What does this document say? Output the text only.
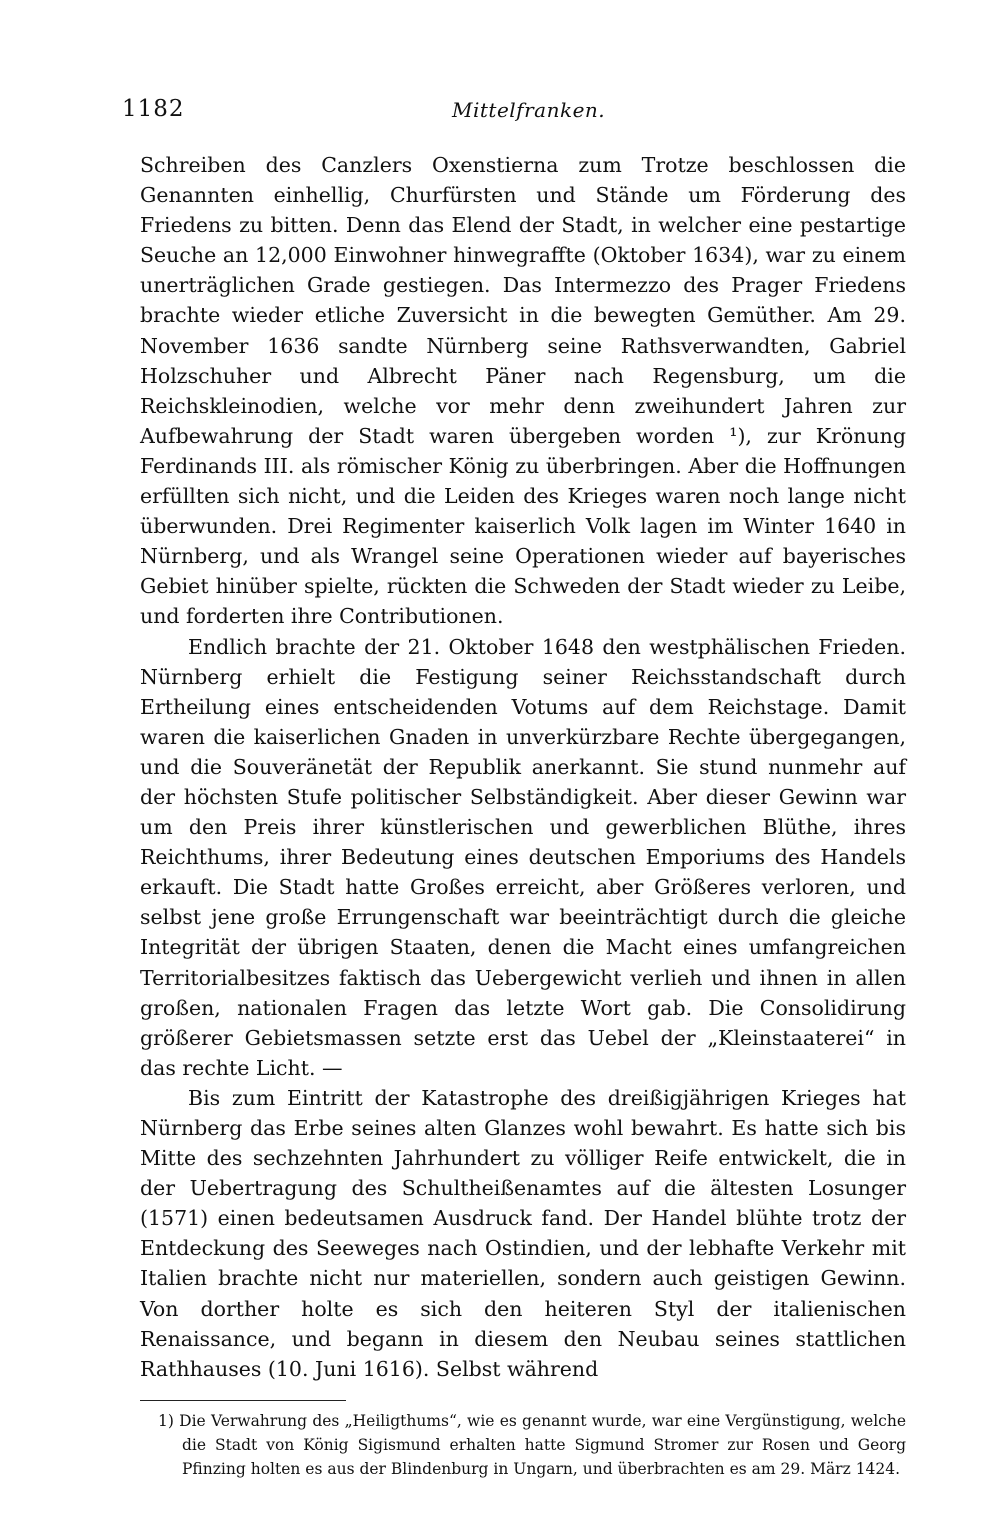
1182	Mittelfranken.

Schreiben des Canzlers Oxenstierna zum Trotze beschlossen die Genannten einhellig, Churfürsten und Stände um Förderung des Friedens zu bitten. Denn das Elend der Stadt, in welcher eine pestartige Seuche an 12,000 Einwohner hinwegraffte (Oktober 1634), war zu einem unerträglichen Grade gestiegen. Das Intermezzo des Prager Friedens brachte wieder etliche Zuversicht in die bewegten Gemüther. Am 29. November 1636 sandte Nürnberg seine Rathsverwandten, Gabriel Holzschuher und Albrecht Päner nach Regensburg, um die Reichskleinodien, welche vor mehr denn zweihundert Jahren zur Aufbewahrung der Stadt waren übergeben worden ¹), zur Krönung Ferdinands III. als römischer König zu überbringen. Aber die Hoffnungen erfüllten sich nicht, und die Leiden des Krieges waren noch lange nicht überwunden. Drei Regimenter kaiserlich Volk lagen im Winter 1640 in Nürnberg, und als Wrangel seine Operationen wieder auf bayerisches Gebiet hinüber spielte, rückten die Schweden der Stadt wieder zu Leibe, und forderten ihre Contributionen.

Endlich brachte der 21. Oktober 1648 den westphälischen Frieden. Nürnberg erhielt die Festigung seiner Reichsstandschaft durch Ertheilung eines entscheidenden Votums auf dem Reichstage. Damit waren die kaiserlichen Gnaden in unverkürzbare Rechte übergegangen, und die Souveränetät der Republik anerkannt. Sie stund nunmehr auf der höchsten Stufe politischer Selbständigkeit. Aber dieser Gewinn war um den Preis ihrer künstlerischen und gewerblichen Blüthe, ihres Reichthums, ihrer Bedeutung eines deutschen Emporiums des Handels erkauft. Die Stadt hatte Großes erreicht, aber Größeres verloren, und selbst jene große Errungenschaft war beeinträchtigt durch die gleiche Integrität der übrigen Staaten, denen die Macht eines umfangreichen Territorialbesitzes faktisch das Uebergewicht verlieh und ihnen in allen großen, nationalen Fragen das letzte Wort gab. Die Consolidirung größerer Gebietsmassen setzte erst das Uebel der „Kleinstaaterei“ in das rechte Licht. —

Bis zum Eintritt der Katastrophe des dreißigjährigen Krieges hat Nürnberg das Erbe seines alten Glanzes wohl bewahrt. Es hatte sich bis Mitte des sechzehnten Jahrhundert zu völliger Reife entwickelt, die in der Uebertragung des Schultheißenamtes auf die ältesten Losunger (1571) einen bedeutsamen Ausdruck fand. Der Handel blühte trotz der Entdeckung des Seeweges nach Ostindien, und der lebhafte Verkehr mit Italien brachte nicht nur materiellen, sondern auch geistigen Gewinn. Von dorther holte es sich den heiteren Styl der italienischen Renaissance, und begann in diesem den Neubau seines stattlichen Rathhauses (10. Juni 1616). Selbst während

1) Die Verwahrung des „Heiligthums“, wie es genannt wurde, war eine Vergünstigung, welche die Stadt von König Sigismund erhalten hatte Sigmund Stromer zur Rosen und Georg Pfinzing holten es aus der Blindenburg in Ungarn, und überbrachten es am 29. März 1424.
